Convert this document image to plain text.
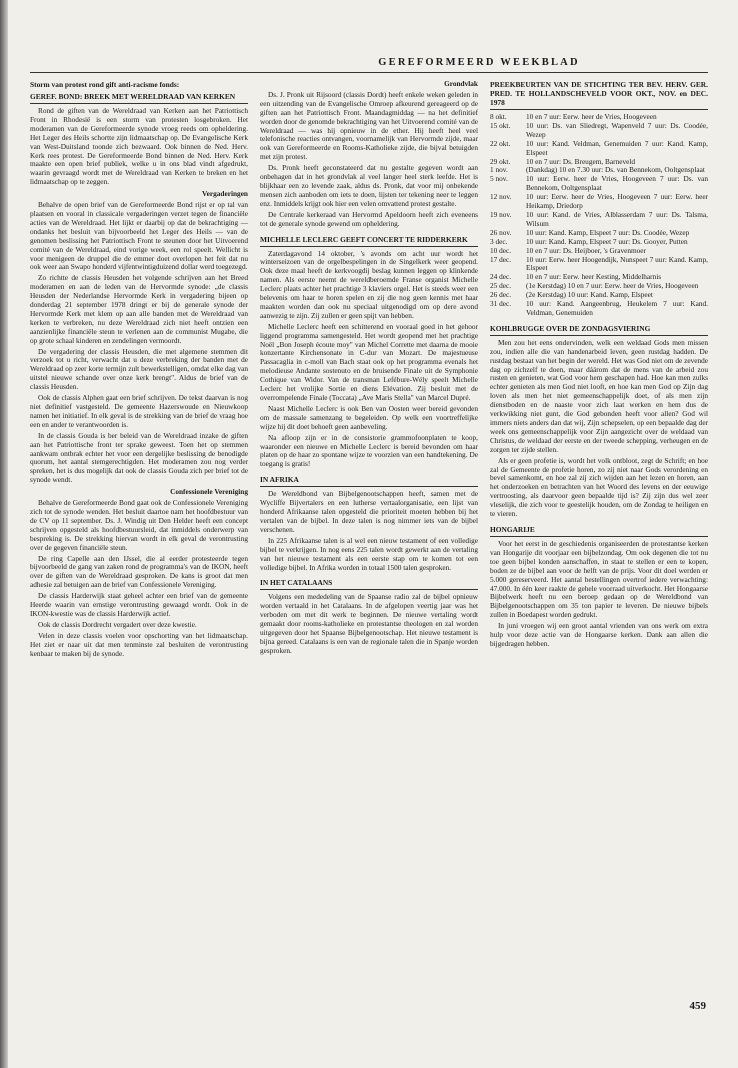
GEREFORMEERD WEEKBLAD
Storm van protest rond gift anti-racisme fonds:
GEREF. BOND: BREEK MET WERELDRAAD VAN KERKEN

Rond de giften van de Wereldraad van Kerken aan het Patriottisch Front in Rhodesië is een storm van protesten losgebroken. Het moderamen van de Gereformeerde synode vroeg reeds om opheldering. Het Leger des Heils schortte zijn lidmaatschap op. De Evangelische Kerk van West-Duitsland toonde zich bezwaard. Ook binnen de Ned. Herv. Kerk rees protest. De Gereformeerde Bond binnen de Ned. Herv. Kerk maakte een open brief publiek, welke u in ons blad vindt afgedrukt, waarin gevraagd wordt met de Wereldraad van Kerken te breken en het lidmaatschap op te zeggen.

Vergaderingen

Behalve de open brief van de Gereformeerde Bond rijst er op tal van plaatsen en vooral in classicale vergaderingen verzet tegen de financiële acties van de Wereldraad. Het lijkt er daarbij op dat de bekrachtiging — ondanks het besluit van bijvoorbeeld het Leger des Heils — van de genomen beslissing het Patriottisch Front te steunen door het Uitvoerend comité van de Wereldraad, eind vorige week, een rol speelt. Wellicht is voor menigeen de druppel die de emmer doet overlopen het feit dat nu ook weer aan Swapo honderd vijfentwintigduizend dollar werd toegezegd.

Zo richtte de classis Heusden het volgende schrijven aan het Breed moderamen en aan de leden van de Hervormde synode: „de classis Heusden der Nederlandse Hervormde Kerk in vergadering bijeen op donderdag 21 september 1978 dringt er bij de generale synode der Hervormde Kerk met klem op aan alle banden met de Wereldraad van kerken te verbreken, nu deze Wereldraad zich niet heeft ontzien een aanzienlijke financiële steun te verlenen aan de communist Mugabe, die op grote schaal kinderen en zendelingen vermoordt.

De vergadering der classis Heusden, die met algemene stemmen dit verzoek tot u richt, verwacht dat u deze verbreking der banden met de Wereldraad op zeer korte termijn zult bewerkstelligen, omdat elke dag van uitstel nieuwe schande over onze kerk brengt". Aldus de brief van de classis Heusden.

Ook de classis Alphen gaat een brief schrijven. De tekst daarvan is nog niet definitief vastgesteld. De gemeente Hazerswoude en Nieuwkoop namen het initiatief. In elk geval is de strekking van de brief de vraag hoe een en ander te verantwoorden is.

In de classis Gouda is ber beleid van de Wereldraad inzake de giften aan het Patriottische front ter sprake geweest. Toen het op stemmen aankwam ontbrak echter het voor een dergelijke beslissing de benodigde quorum, het aantal stemgerechtigden. Het moderamen zou nog verder spreken, het is dus mogelijk dat ook de classis Gouda zich per brief tot de synode wendt.

Confessionele Vereniging

Behalve de Gereformeerde Bond gaat ook de Confessionele Vereniging zich tot de synode wenden. Het besluit daartoe nam het hoofdbestuur van de CV op 11 september. Ds. J. Windig uit Den Helder heeft een concept schrijven opgesteld als hoofdbestuursleid, dat inmiddels onderwerp van bespreking is. De strekking hiervan wordt in elk geval de verontrusting over de gegeven financiële steun.

De ring Capelle aan den IJssel, die al eerder protesteerde tegen bijvoorbeeld de gang van zaken rond de programma's van de IKON, heeft over de giften van de Wereldraad gesproken. De kans is groot dat men adhesie zal betuigen aan de brief van Confessionele Vereniging.

De classis Harderwijk staat geheel achter een brief van de gemeente Heerde waarin van ernstige verontrusting gewaagd wordt. Ook in de IKON-kwestie was de classis Harderwijk actief.

Ook de classis Dordrecht vergadert over deze kwestie.

Velen in deze classis voelen voor opschorting van het lidmaatschap. Het ziet er naar uit dat men tenminste zal besluiten de verontrusting kenbaar te maken bij de synode.

Grondvlak

Ds. J. Pronk uit Rijsoord (classis Dordt) heeft enkele weken geleden in een uitzending van de Evangelische Omroep afkeurend gereageerd op de giften aan het Patriottisch Front. Maandagmiddag — na het definitief worden door de genomde bekrachtiging van het Uitvoerend comité van de Wereldraad — was hij opnieuw in de ether. Hij heeft heel veel telefonische reacties ontvangen, voornamelijk van Hervormde zijde, maar ook van Gereformeerde en Rooms-Katholieke zijde, die bijval betuigden met zijn protest.

Ds. Pronk heeft geconstateerd dat nu gestalte gegeven wordt aan onbehagen dat in het grondvlak al veel langer heel sterk leefde. Het is blijkhaar een zo levende zaak, aldus ds. Pronk, dat voor mij onbekende mensen zich aanboden om iets te doen, lijsten ter tekening neer te leggen enz. Inmiddels krijgt ook hier een velen omvattend protest gestalte.

De Centrale kerkeraad van Hervormd Apeldoorn heeft zich eveneens tot de generale synode gewend om opheldering.

MICHELLE LECLERC GEEFT CONCERT TE RIDDERKERK

Zaterdagavond 14 oktober, 's avonds om acht uur wordt het winterseizoen van de orgelbespelingen in de Singelkerk weer geopend. Ook deze maal heeft de kerkvoogdij beslag kunnen leggen op klinkende namen. Als eerste neemt de wereldberoemde Franse organist Michelle Leclerc plaats achter het prachtige 3 klaviers orgel. Het is steeds weer een belevenis om haar te horen spelen en zij die nog geen kennis met haar maakten worden dan ook nu speciaal uitgenodigd om op dere avond aanwezig te zijn. Zij zullen er geen spijt van hebben.

Michelle Leclerc heeft een schitterend en vooraal goed in het gehoor liggend programma samengesteld. Het wordt geopend met het prachtige Noël „Bon Joseph écoute moy" van Michel Corrette met daarna de mooie konzertante Kirchensonate in C-dur van Mozart. De majestueuse Passacaglia in c-moll van Bach staat ook op het programma evenals het melodieuse Andante sostenuto en de bruisende Finale uit de Symphonie Cothique van Widor. Van de transman Lefébure-Wély speelt Michelle Leclerc het vrolijke Sortie en diens Elévation. Zij besluit met de overrompelende Finale (Toccata) „Ave Maris Stella" van Marcel Dupré.

Naast Michelle Leclerc is ook Ben van Oosten weer bereid gevonden om de massale samenzang te begeleiden. Op welk een voortreffelijke wijze hij dit doet behoeft geen aanbeveling.

Na afloop zijn er in de consistorie grammofoonplaten te koop, waaronder een nieuwe en Michelle Leclerc is bereid bevonden om haar platen op de haar zo spontane wijze te voorzien van een handtekening. De toegang is gratis!

IN AFRIKA

De Wereldbond van Bijbelgenootschappen heeft, samen met de Wycliffe Bijvertalers en een lutherse vertaalorganisatie, een lijst van honderd Afrikaanse talen opgesteld die prioriteit moeten hebben bij het vertalen van de bijbel. In deze talen is nog nimmer iets van de bijbel verschenen.

In 225 Afrikaanse talen is al wel een nieuw testament of een volledige bijbel te verkrijgen. In nog eens 225 talen wordt gewerkt aan de vertaling van het nieuwe testament als een eerste stap om te komen tot een volledige bijbel. In Afrika worden in totaal 1500 talen gesproken.

IN HET CATALAANS

Volgens een mededeling van de Spaanse radio zal de bijbel opnieuw worden vertaald in het Catalaans. In de afgelopen veertig jaar was het verboden om met dit werk te beginnen. De nieuwe vertaling wordt gemaakt door rooms-katholieke en protestantse theologen en zal worden uitgegeven door het Spaanse Bijbelgenootschap. Het nieuwe testament is bijna gereed. Catalaans is een van de regionale talen die in Spanje worden gesproken.

PREEKBEURTEN VAN DE STICHTING TER BEV. HERV. GER. PRED. TE HOLLANDSCHEVELD VOOR OKT., NOV. en DEC. 1978
8 okt.	10 en 7 uur: Eerw. heer de Vries, Hoogeveen
15 okt.	10 uur: Ds. van Sliedregt, Wapenveld 7 uur: Ds. Coodée, Wezep
22 okt.	10 uur: Kand. Veldman, Genemuiden 7 uur: Kand. Kamp, Elspeet
29 okt.	10 en 7 uur: Ds. Breugem, Barneveld
1 nov.	(Dankdag) 10 en 7.30 uur: Ds. van Bennekom, Ooltgensplaat
5 nov.	10 uur: Eerw. heer de Vries, Hoogeveen 7 uur: Ds. van Bennekom, Ooltgensplaat
12 nov.	10 uur: Eerw. heer de Vries, Hoogeveen 7 uur: Eerw. heer Heikamp, Driedorp
19 nov.	10 uur: Kand. de Vries, Alblasserdam 7 uur: Ds. Talsma, Wilsum
26 nov.	10 uur: Kand. Kamp, Elspeet 7 uur: Ds. Coodée, Wezep
3 dec.	10 uur: Kand. Kamp, Elspeet 7 uur: Ds. Gooyer, Putten
10 dec.	10 en 7 uur: Ds. Heijboer, 's Gravenmoer
17 dec.	10 uur: Eerw. heer Hoogendijk, Nunspeet 7 uur: Kand. Kamp, Elspeet
24 dec.	10 en 7 uur: Eerw. heer Kesting, Middelharnis
25 dec.	(1e Kerstdag) 10 en 7 uur: Eerw. heer de Vries, Hoogeveen
26 dec.	(2e Kerstdag) 10 uur: Kand. Kamp, Elspeet
31 dec.	10 uur: Kand. Aangeenbrug, Heukelem 7 uur: Kand. Veldman, Genemuiden
KOHLBRUGGE OVER DE ZONDAGSVIERING

Men zou het eens ondervinden, welk een weldaad Gods men missen zou, indien alle die van handenarbeid leven, geen rustdag hadden. De rustdag bestaat van het begin der wereld. Het was God niet om de zevende dag op zichzelf te doen, maar dáárom dat de mens van de arbeid zou rusten en genieten, wat God voor hem geschapen had. Hoe kan men zulks echter genieten als men God niet looft, en hoe kan men God op Zijn dag loven als men het niet gemeenschappelijk doet, of als men zijn dienstboden en de naaste voor zich laat werken en hem dus de verkwikking niet gunt, die God gebonden heeft voor allen? God wil immers niets anders dan dat wij, Zijn schepselen, op een bepaalde dag der week ons gemeenschappelijk voor Zijn aangezicht over de weldaad van Christus, de weldaad der eerste en der tweede schepping, verheugen en de zorgen ter zijde stellen.

Als er geen profetie is, wordt het volk ontbloot, zegt de Schrift; en hoe zal de Gemeente de profetie horen, zo zij niet naar Gods verordening en bevel samenkomt, en hoe zal zij zich wijden aan het lezen en horen, aan het onderzoeken en betrachten van het Woord des levens en der eeuwige vertroosting, als daarvoor geen bepaalde tijd is? Zij zijn dus wel zeer vleselijk, die zich voor te geestelijk houden, om de Zondag te heiligen en te vieren.

HONGARIJE

Voor het eerst in de geschiedenis organiseerden de protestantse kerken van Hongarije dit voorjaar een bijbelzondag. Om ook degenen die tot nu toe geen bijbel konden aanschaffen, in staat te stellen er een te kopen, boden ze de bijbel aan voor de helft van de prijs. Voor dit doel werden er 5.000 gereserveerd. Het aantal bestellingen overtrof iedere verwachting: 47.000. In één keer raakte de gehele voorraad uitverkocht. Het Hongaarse Bijbelwerk heeft nu een beroep gedaan op de Wereldbond van Bijbelgenootschappen om 35 ton papier te leveren. De nieuwe bijbels zullen in Boedapest worden gedrukt.

In juni vroegen wij een groot aantal vrienden van ons werk om extra hulp voor deze actie van de Hongaarse kerken. Dank aan allen die bijgedragen hebben.

459
